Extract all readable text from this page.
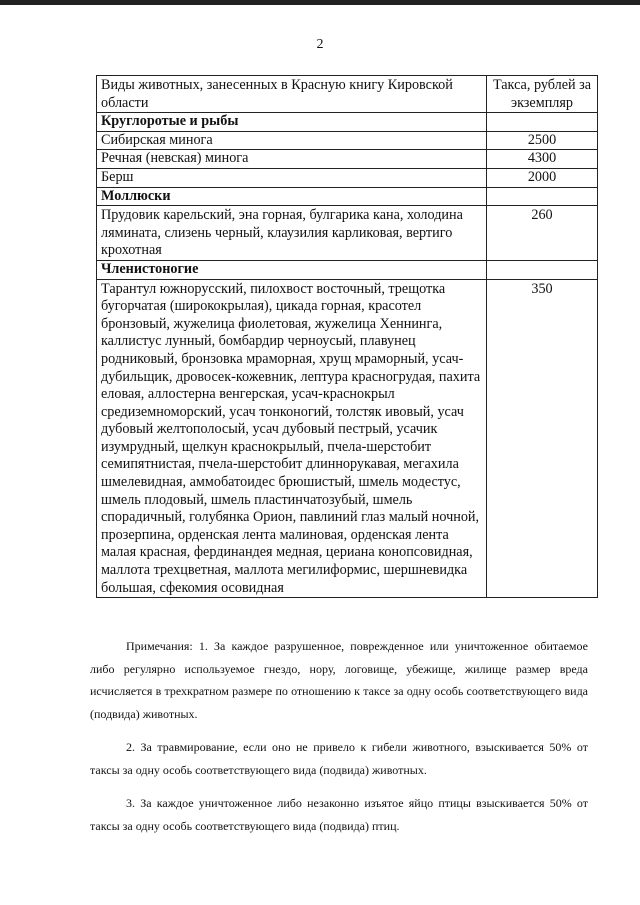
2
Виды животных, занесенных в Красную книгу Кировской области	Такса, рублей за экземпляр
Круглоротые и рыбы	
Сибирская минога	2500
Речная (невская) минога	4300
Берш	2000
Моллюски	
Прудовик карельский, эна горная, булгарика кана, холодина лямината, слизень черный, клаузилия карликовая, вертиго крохотная	260
Членистоногие	
Тарантул южнорусский, пилохвост восточный, трещотка бугорчатая (ширококрылая), цикада горная, красотел бронзовый, жужелица фиолетовая, жужелица Хеннинга, каллистус лунный, бомбардир черноусый, плавунец родниковый, бронзовка мраморная, хрущ мраморный, усач-дубильщик, дровосек-кожевник, лептура красногрудая, пахита еловая, аллостерна венгерская, усач-краснокрыл средиземноморский, усач тонконогий, толстяк ивовый, усач дубовый желтополосый, усач дубовый пестрый, усачик изумрудный, щелкун краснокрылый, пчела-шерстобит семипятнистая, пчела-шерстобит длиннорукавая, мегахила шмелевидная, аммобатоидес брюшистый, шмель модестус, шмель плодовый, шмель пластинчатозубый, шмель спорадичный, голубянка Орион, павлиний глаз малый ночной, прозерпина, орденская лента малиновая, орденская лента малая красная, фердинандея медная, цериана конопсовидная, маллота трехцветная, маллота мегилиформис, шершневидка большая, сфекомия осовидная	350

Примечания: 1. За каждое разрушенное, поврежденное или уничтоженное обитаемое либо регулярно используемое гнездо, нору, логовище, убежище, жилище размер вреда исчисляется в трехкратном размере по отношению к таксе за одну особь соответствующего вида (подвида) животных.

2. За травмирование, если оно не привело к гибели животного, взыскивается 50% от таксы за одну особь соответствующего вида (подвида) животных.

3. За каждое уничтоженное либо незаконно изъятое яйцо птицы взыскивается 50% от таксы за одну особь соответствующего вида (подвида) птиц.
